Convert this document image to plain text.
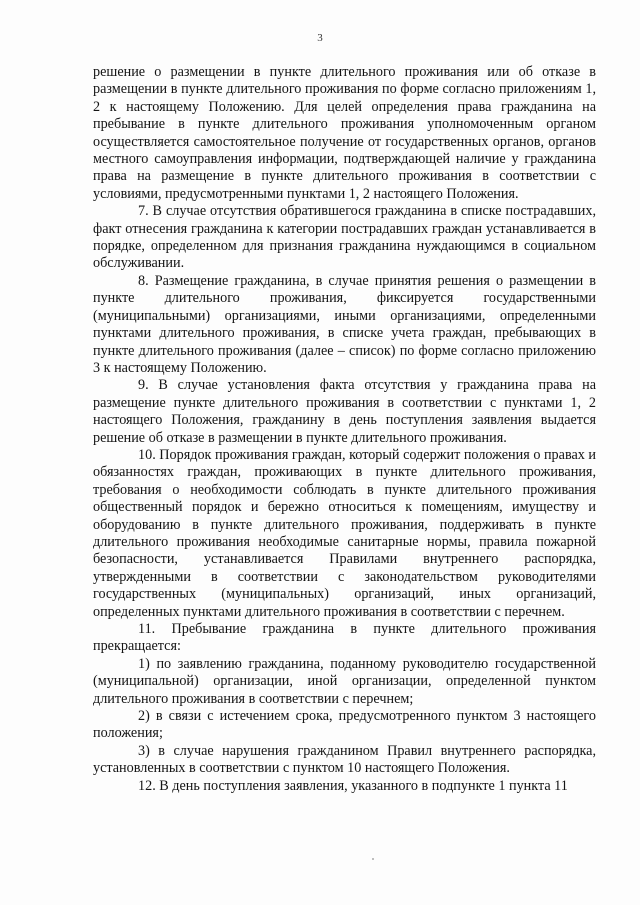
3

решение о размещении в пункте длительного проживания или об отказе в размещении в пункте длительного проживания по форме согласно приложениям 1, 2 к настоящему Положению. Для целей определения права гражданина на пребывание в пункте длительного проживания уполномоченным органом осуществляется самостоятельное получение от государственных органов, органов местного самоуправления информации, подтверждающей наличие у гражданина права на размещение в пункте длительного проживания в соответствии с условиями, предусмотренными пунктами 1, 2 настоящего Положения.

7. В случае отсутствия обратившегося гражданина в списке пострадавших, факт отнесения гражданина к категории пострадавших граждан устанавливается в порядке, определенном для признания гражданина нуждающимся в социальном обслуживании.

8. Размещение гражданина, в случае принятия решения о размещении в пункте длительного проживания, фиксируется государственными (муниципальными) организациями, иными организациями, определенными пунктами длительного проживания, в списке учета граждан, пребывающих в пункте длительного проживания (далее – список) по форме согласно приложению 3 к настоящему Положению.

9. В случае установления факта отсутствия у гражданина права на размещение пункте длительного проживания в соответствии с пунктами 1, 2 настоящего Положения, гражданину в день поступления заявления выдается решение об отказе в размещении в пункте длительного проживания.

10. Порядок проживания граждан, который содержит положения о правах и обязанностях граждан, проживающих в пункте длительного проживания, требования о необходимости соблюдать в пункте длительного проживания общественный порядок и бережно относиться к помещениям, имуществу и оборудованию в пункте длительного проживания, поддерживать в пункте длительного проживания необходимые санитарные нормы, правила пожарной безопасности, устанавливается Правилами внутреннего распорядка, утвержденными в соответствии с законодательством руководителями государственных (муниципальных) организаций, иных организаций, определенных пунктами длительного проживания в соответствии с перечнем.

11. Пребывание гражданина в пункте длительного проживания прекращается:

1) по заявлению гражданина, поданному руководителю государственной (муниципальной) организации, иной организации, определенной пунктом длительного проживания в соответствии с перечнем;

2) в связи с истечением срока, предусмотренного пунктом 3 настоящего положения;

3) в случае нарушения гражданином Правил внутреннего распорядка, установленных в соответствии с пунктом 10 настоящего Положения.

12. В день поступления заявления, указанного в подпункте 1 пункта 11
